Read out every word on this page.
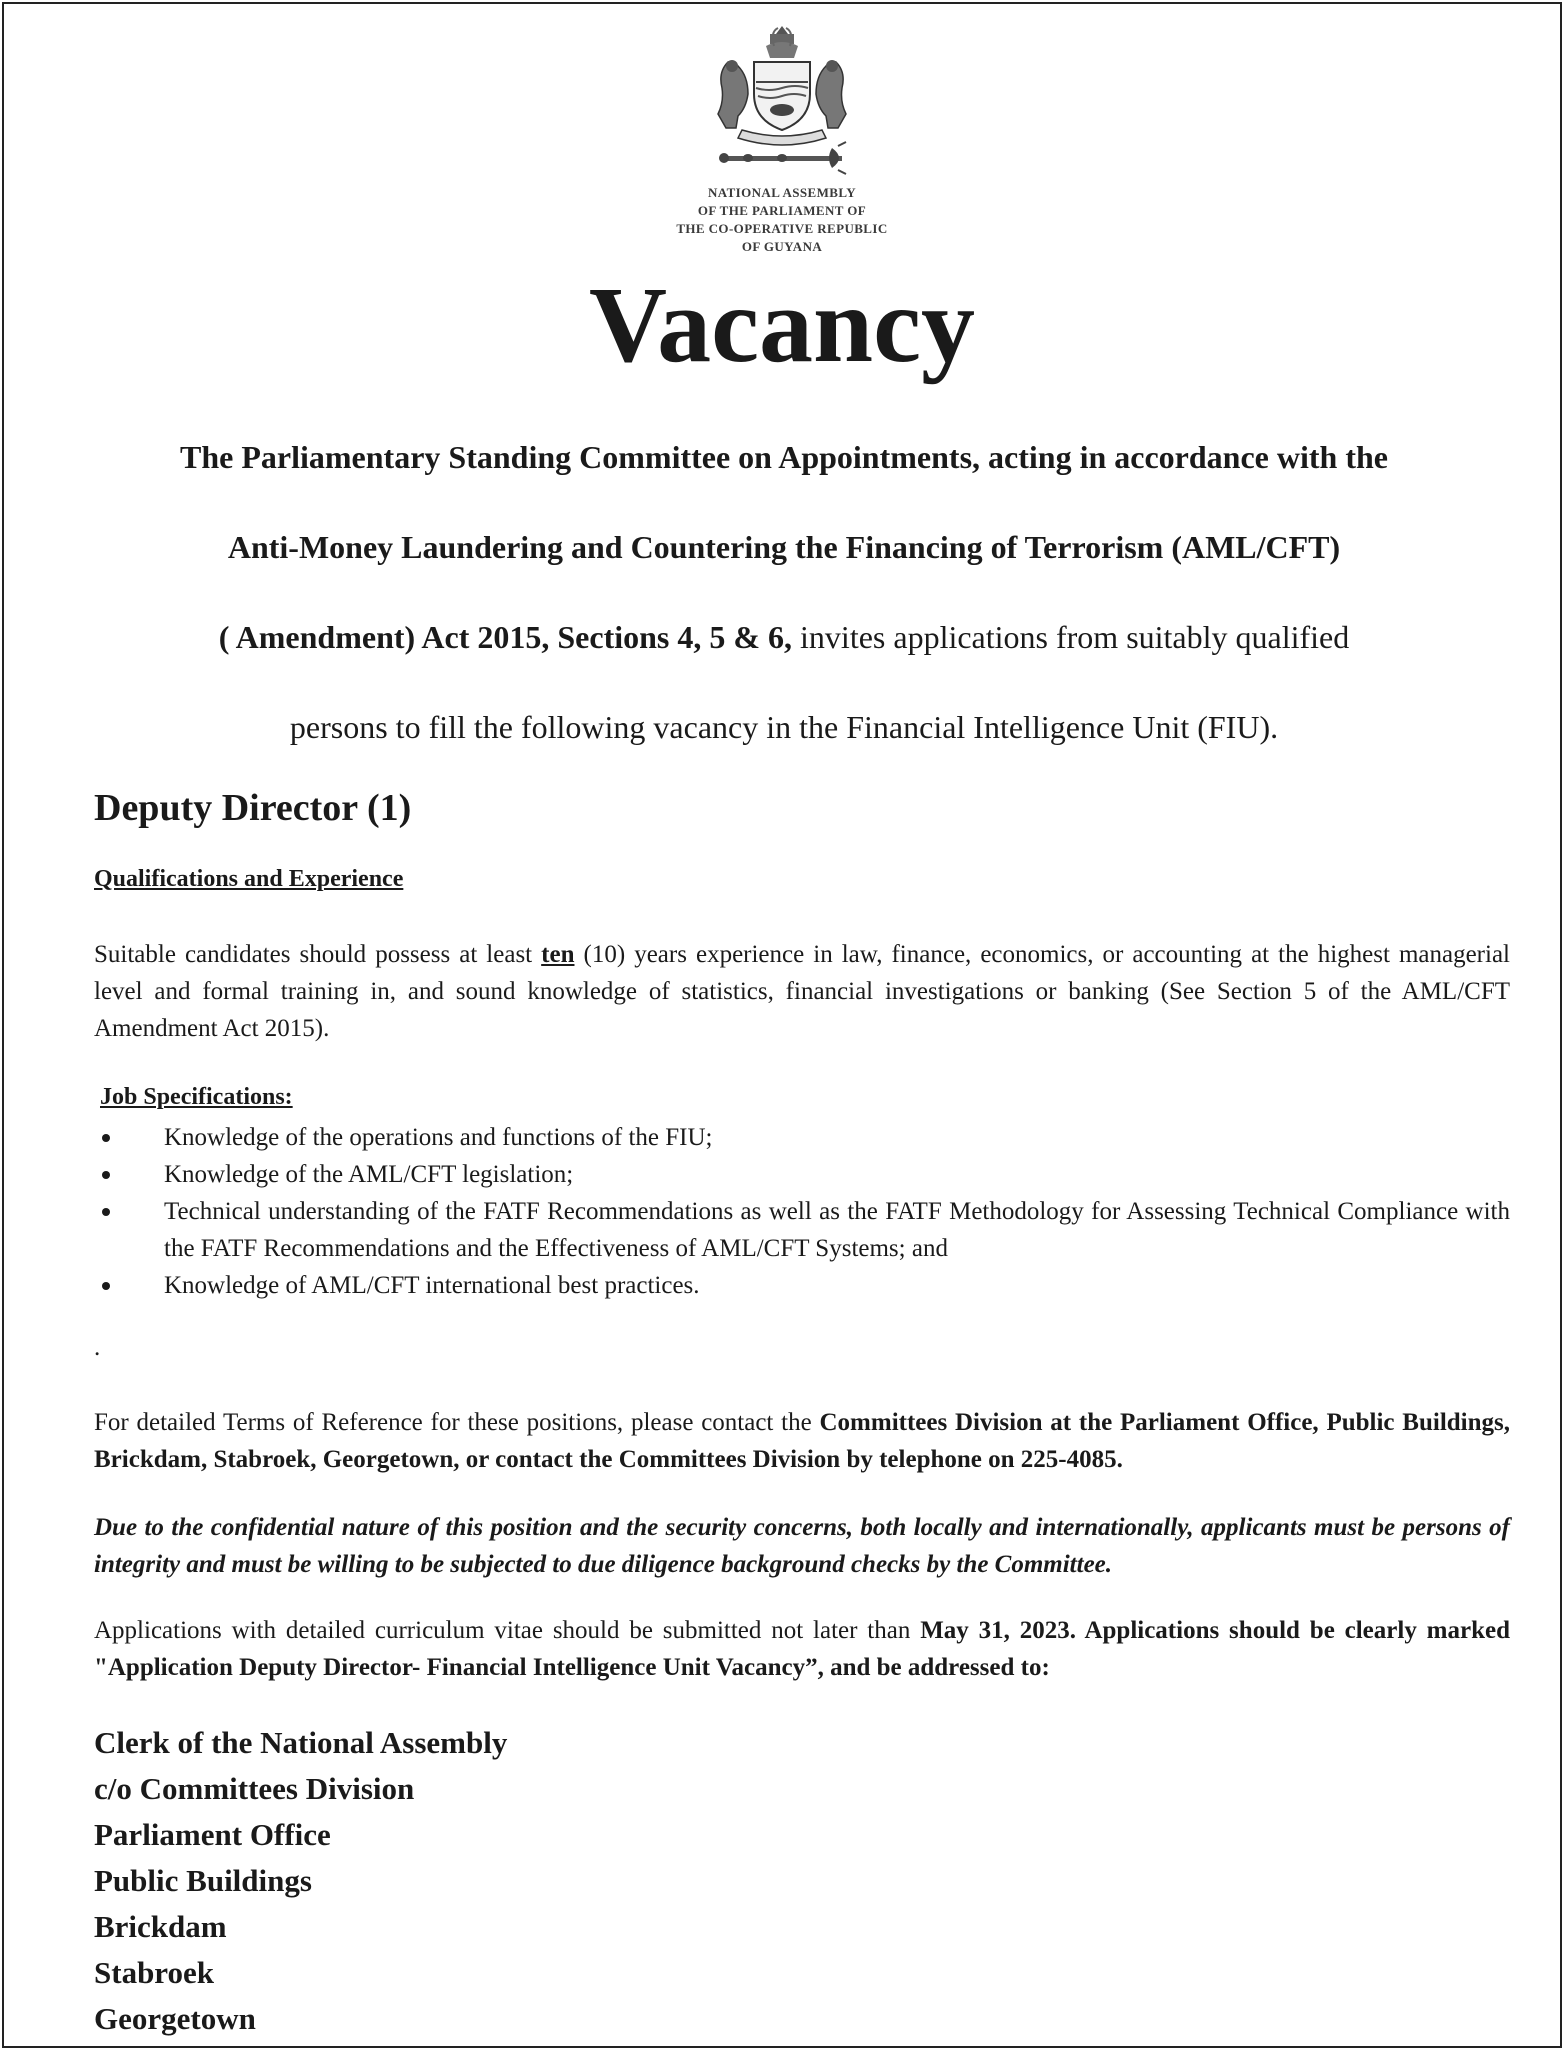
NATIONAL ASSEMBLY
OF THE PARLIAMENT OF
THE CO-OPERATIVE REPUBLIC
OF GUYANA
Vacancy
The Parliamentary Standing Committee on Appointments, acting in accordance with the
Anti-Money Laundering and Countering the Financing of Terrorism (AML/CFT)
( Amendment) Act 2015, Sections 4, 5 & 6, invites applications from suitably qualified
persons to fill the following vacancy in the Financial Intelligence Unit (FIU).
Deputy Director (1)
Qualifications and Experience
Suitable candidates should possess at least ten (10) years experience in law, finance, economics, or accounting at the highest managerial level and formal training in, and sound knowledge of statistics, financial investigations or banking (See Section 5 of the AML/CFT Amendment Act 2015).
Job Specifications:
Knowledge of the operations and functions of the FIU;
Knowledge of the AML/CFT legislation;
Technical understanding of the FATF Recommendations as well as the FATF Methodology for Assessing Technical Compliance with the FATF Recommendations and the Effectiveness of AML/CFT Systems; and
Knowledge of AML/CFT international best practices.
.
For detailed Terms of Reference for these positions, please contact the Committees Division at the Parliament Office, Public Buildings, Brickdam, Stabroek, Georgetown, or contact the Committees Division by telephone on 225-4085.
Due to the confidential nature of this position and the security concerns, both locally and internationally, applicants must be persons of integrity and must be willing to be subjected to due diligence background checks by the Committee.
Applications with detailed curriculum vitae should be submitted not later than May 31, 2023. Applications should be clearly marked "Application Deputy Director- Financial Intelligence Unit Vacancy”, and be addressed to:
Clerk of the National Assembly
c/o Committees Division
Parliament Office
Public Buildings
Brickdam
Stabroek
Georgetown
